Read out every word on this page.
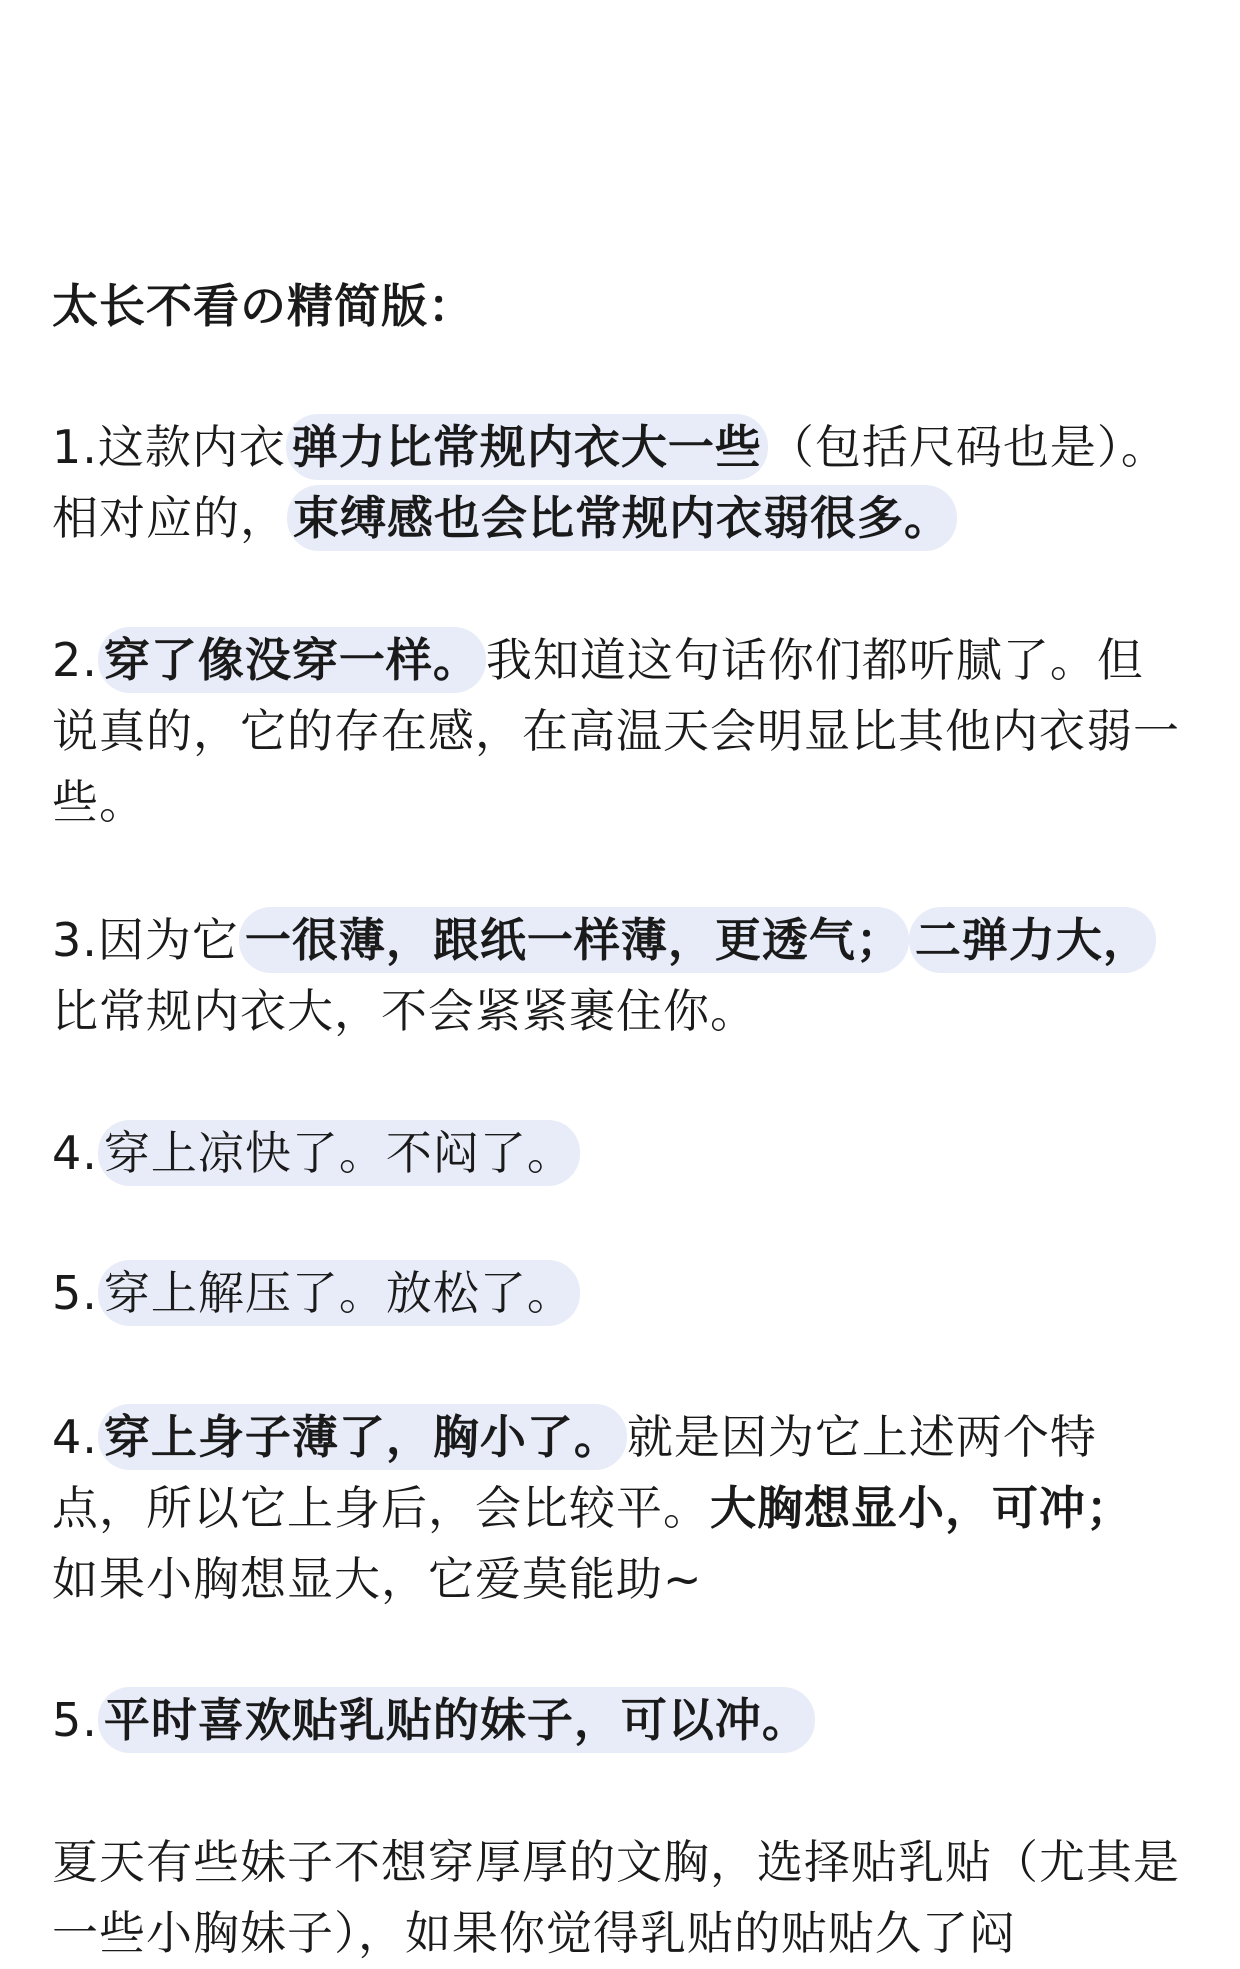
太长不看の精简版：
1.这款内衣 弹力比常规内衣大一些 （包括尺码也是）。相对应的， 束缚感也会比常规内衣弱很多。
2. 穿了像没穿一样。 我知道这句话你们都听腻了。但说真的，它的存在感，在高温天会明显比其他内衣弱一些。
3.因为它 一很薄，跟纸一样薄，更透气； 二弹力大，
比常规内衣大，不会紧紧裹住你。
4. 穿上凉快了。不闷了。
5. 穿上解压了。放松了。
4. 穿上身子薄了，胸小了。 就是因为它上述两个特点，所以它上身后，会比较平。大胸想显小，可冲；
如果小胸想显大，它爱莫能助~
5. 平时喜欢贴乳贴的妹子，可以冲。
夏天有些妹子不想穿厚厚的文胸，选择贴乳贴（尤其是一些小胸妹子），如果你觉得乳贴的贴贴久了闷
